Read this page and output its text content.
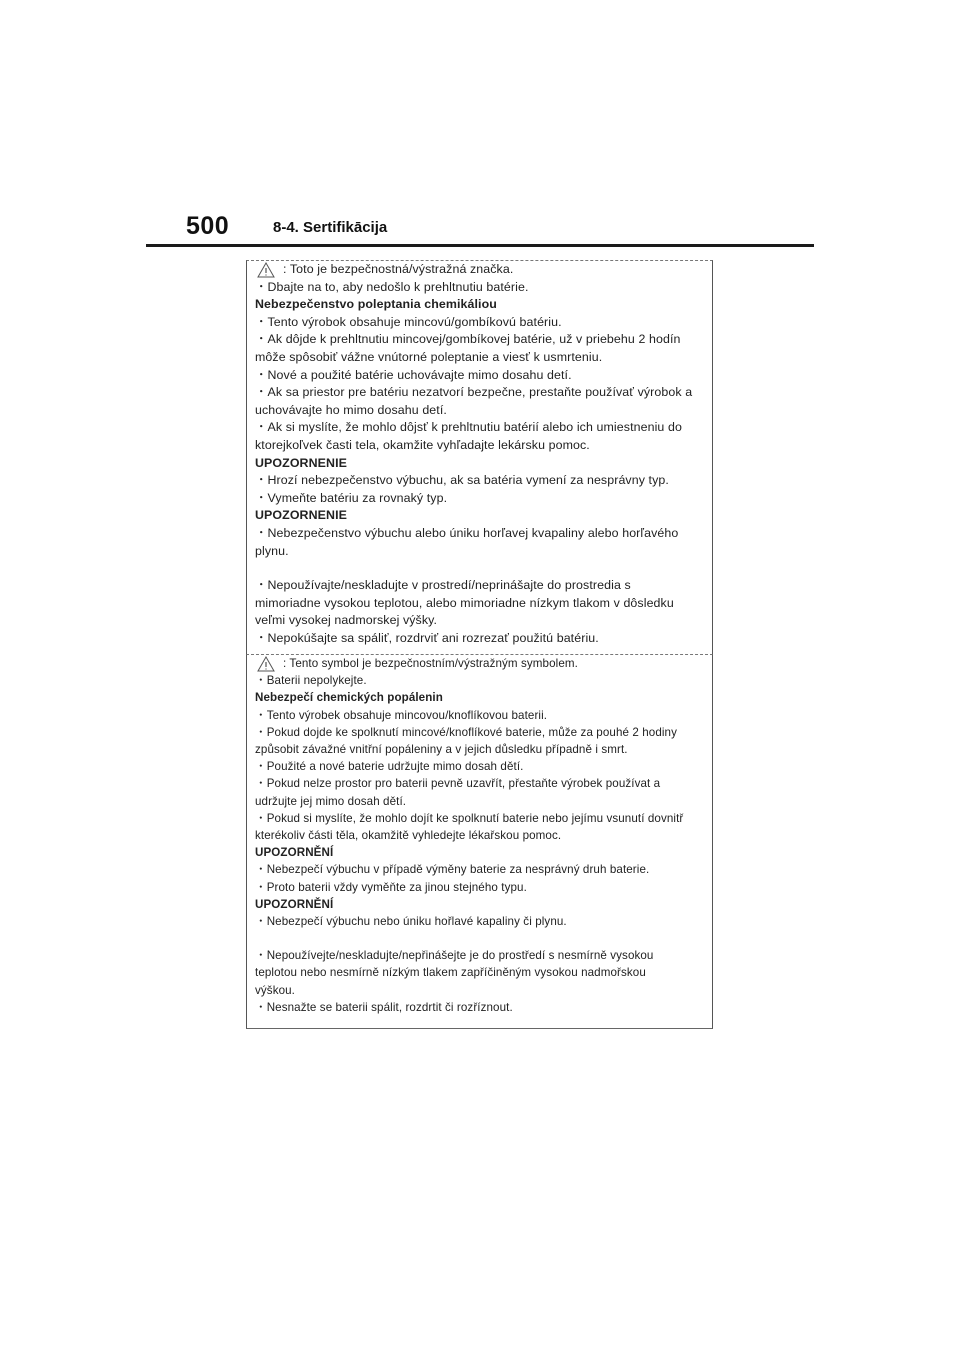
500	8-4. Sertifikācija
: Toto je bezpečnostná/výstražná značka.
・Dbajte na to, aby nedošlo k prehltnutiu batérie.
Nebezpečenstvo poleptania chemikáliou
・Tento výrobok obsahuje mincovú/gombíkovú batériu.
・Ak dôjde k prehltnutiu mincovej/gombíkovej batérie, už v priebehu 2 hodín
môže spôsobiť vážne vnútorné poleptanie a viesť k usmrteniu.
・Nové a použité batérie uchovávajte mimo dosahu detí.
・Ak sa priestor pre batériu nezatvorí bezpečne, prestaňte používať výrobok a
uchovávajte ho mimo dosahu detí.
・Ak si myslíte, že mohlo dôjsť k prehltnutiu batérií alebo ich umiestneniu do
ktorejkoľvek časti tela, okamžite vyhľadajte lekársku pomoc.
UPOZORNENIE
・Hrozí nebezpečenstvo výbuchu, ak sa batéria vymení za nesprávny typ.
・Vymeňte batériu za rovnaký typ.
UPOZORNENIE
・Nebezpečenstvo výbuchu alebo úniku horľavej kvapaliny alebo horľavého
plynu.
・Nepoužívajte/neskladujte v prostredí/neprinášajte do prostredia s
mimoriadne vysokou teplotou, alebo mimoriadne nízkym tlakom v dôsledku
veľmi vysokej nadmorskej výšky.
・Nepokúšajte sa spáliť, rozdrviť ani rozrezať použitú batériu.
: Tento symbol je bezpečnostním/výstražným symbolem.
・Baterii nepolykejte.
Nebezpečí chemických popálenin
・Tento výrobek obsahuje mincovou/knoflíkovou baterii.
・Pokud dojde ke spolknutí mincové/knoflíkové baterie, může za pouhé 2 hodiny
způsobit závažné vnitřní popáleniny a v jejich důsledku případně i smrt.
・Použité a nové baterie udržujte mimo dosah dětí.
・Pokud nelze prostor pro baterii pevně uzavřít, přestaňte výrobek používat a
udržujte jej mimo dosah dětí.
・Pokud si myslíte, že mohlo dojít ke spolknutí baterie nebo jejímu vsunutí dovnitř
kterékoliv části těla, okamžitě vyhledejte lékařskou pomoc.
UPOZORNĚNÍ
・Nebezpečí výbuchu v případě výměny baterie za nesprávný druh baterie.
・Proto baterii vždy vyměňte za jinou stejného typu.
UPOZORNĚNÍ
・Nebezpečí výbuchu nebo úniku hořlavé kapaliny či plynu.
・Nepoužívejte/neskladujte/nepřinášejte je do prostředí s nesmírně vysokou
teplotou nebo nesmírně nízkým tlakem zapříčiněným vysokou nadmořskou
výškou.
・Nesnažte se baterii spálit, rozdrtit či rozříznout.
